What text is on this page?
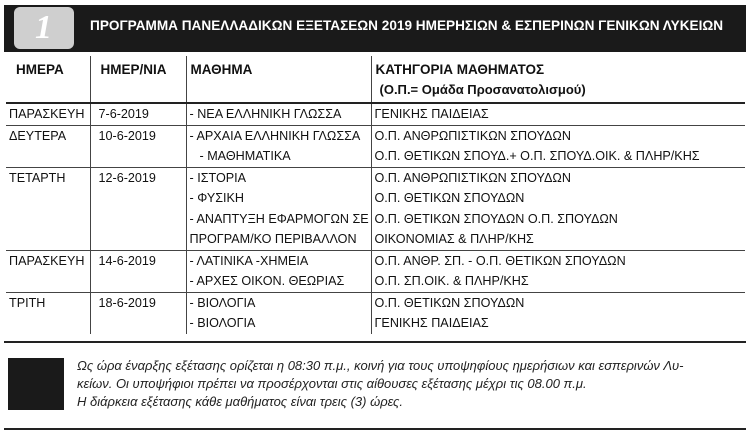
1	ΠΡΟΓΡΑΜΜΑ ΠΑΝΕΛΛΑΔΙΚΩΝ ΕΞΕΤΑΣΕΩΝ 2019 ΗΜΕΡΗΣΙΩΝ & ΕΣΠΕΡΙΝΩΝ ΓΕΝΙΚΩΝ ΛΥΚΕΙΩΝ
ΗΜΕΡΑ	ΗΜΕΡ/ΝΙΑ	ΜΑΘΗΜΑ	ΚΑΤΗΓΟΡΙΑ ΜΑΘΗΜΑΤΟΣ
(Ο.Π.= Ομάδα Προσανατολισμού)

ΠΑΡΑΣΚΕΥΗ	7-6-2019	- ΝΕΑ ΕΛΛΗΝΙΚΗ ΓΛΩΣΣΑ	ΓΕΝΙΚΗΣ ΠΑΙΔΕΙΑΣ

ΔΕΥΤΕΡΑ	10-6-2019	- ΑΡΧΑΙΑ ΕΛΛΗΝΙΚΗ ΓΛΩΣΣΑ
- ΜΑΘΗΜΑΤΙΚΑ	Ο.Π. ΑΝΘΡΩΠΙΣΤΙΚΩΝ ΣΠΟΥΔΩΝ
Ο.Π. ΘΕΤΙΚΩΝ ΣΠΟΥΔ.+ Ο.Π. ΣΠΟΥΔ.ΟΙΚ. & ΠΛΗΡ/ΚΗΣ

ΤΕΤΑΡΤΗ	12-6-2019	- ΙΣΤΟΡΙΑ
- ΦΥΣΙΚΗ
- ΑΝΑΠΤΥΞΗ ΕΦΑΡΜΟΓΩΝ ΣΕ
ΠΡΟΓΡΑΜ/ΚΟ ΠΕΡΙΒΑΛΛΟΝ	Ο.Π. ΑΝΘΡΩΠΙΣΤΙΚΩΝ ΣΠΟΥΔΩΝ
Ο.Π. ΘΕΤΙΚΩΝ ΣΠΟΥΔΩΝ
Ο.Π. ΘΕΤΙΚΩΝ ΣΠΟΥΔΩΝ Ο.Π. ΣΠΟΥΔΩΝ
ΟΙΚΟΝΟΜΙΑΣ & ΠΛΗΡ/ΚΗΣ

ΠΑΡΑΣΚΕΥΗ	14-6-2019	- ΛΑΤΙΝΙΚΑ -ΧΗΜΕΙΑ
- ΑΡΧΕΣ ΟΙΚΟΝ. ΘΕΩΡΙΑΣ	Ο.Π. ΑΝΘΡ. ΣΠ. - Ο.Π. ΘΕΤΙΚΩΝ ΣΠΟΥΔΩΝ
Ο.Π. ΣΠ.ΟΙΚ. & ΠΛΗΡ/ΚΗΣ

ΤΡΙΤΗ	18-6-2019	- ΒΙΟΛΟΓΙΑ
- ΒΙΟΛΟΓΙΑ	Ο.Π. ΘΕΤΙΚΩΝ ΣΠΟΥΔΩΝ
ΓΕΝΙΚΗΣ ΠΑΙΔΕΙΑΣ
Ως ώρα έναρξης εξέτασης ορίζεται η 08:30 π.μ., κοινή για τους υποψηφίους ημερήσιων και εσπερινών Λυ-
κείων. Οι υποψήφιοι πρέπει να προσέρχονται στις αίθουσες εξέτασης μέχρι τις 08.00 π.μ.
Η διάρκεια εξέτασης κάθε μαθήματος είναι τρεις (3) ώρες.
